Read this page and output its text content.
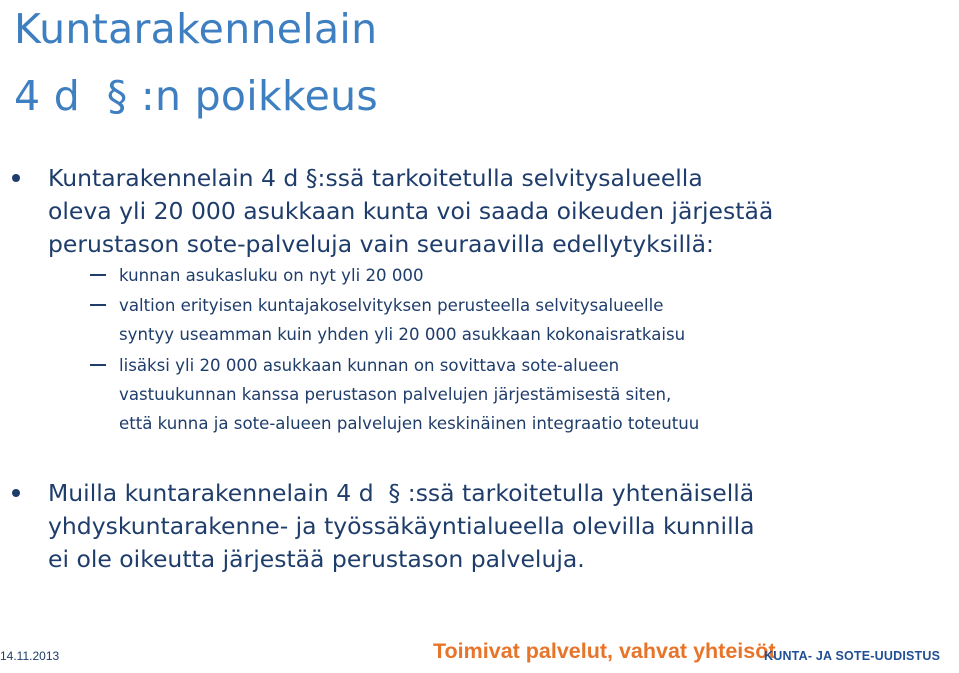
Kuntarakennelain
4 d  § :n poikkeus

Kuntarakennelain 4 d §:ssä tarkoitetulla selvitysalueella
oleva yli 20 000 asukkaan kunta voi saada oikeuden järjestää
perustason sote-palveluja vain seuraavilla edellytyksillä:

kunnan asukasluku on nyt yli 20 000

valtion erityisen kuntajakoselvityksen perusteella selvitysalueelle
syntyy useamman kuin yhden yli 20 000 asukkaan kokonaisratkaisu

lisäksi yli 20 000 asukkaan kunnan on sovittava sote-alueen
vastuukunnan kanssa perustason palvelujen järjestämisestä siten,
että kunna ja sote-alueen palvelujen keskinäinen integraatio toteutuu

Muilla kuntarakennelain 4 d  § :ssä tarkoitetulla yhtenäisellä
yhdyskuntarakenne- ja työssäkäyntialueella olevilla kunnilla
ei ole oikeutta järjestää perustason palveluja.

14.11.2013	Toimivat palvelut, vahvat yhteisöt
KUNTA- JA SOTE-UUDISTUS
